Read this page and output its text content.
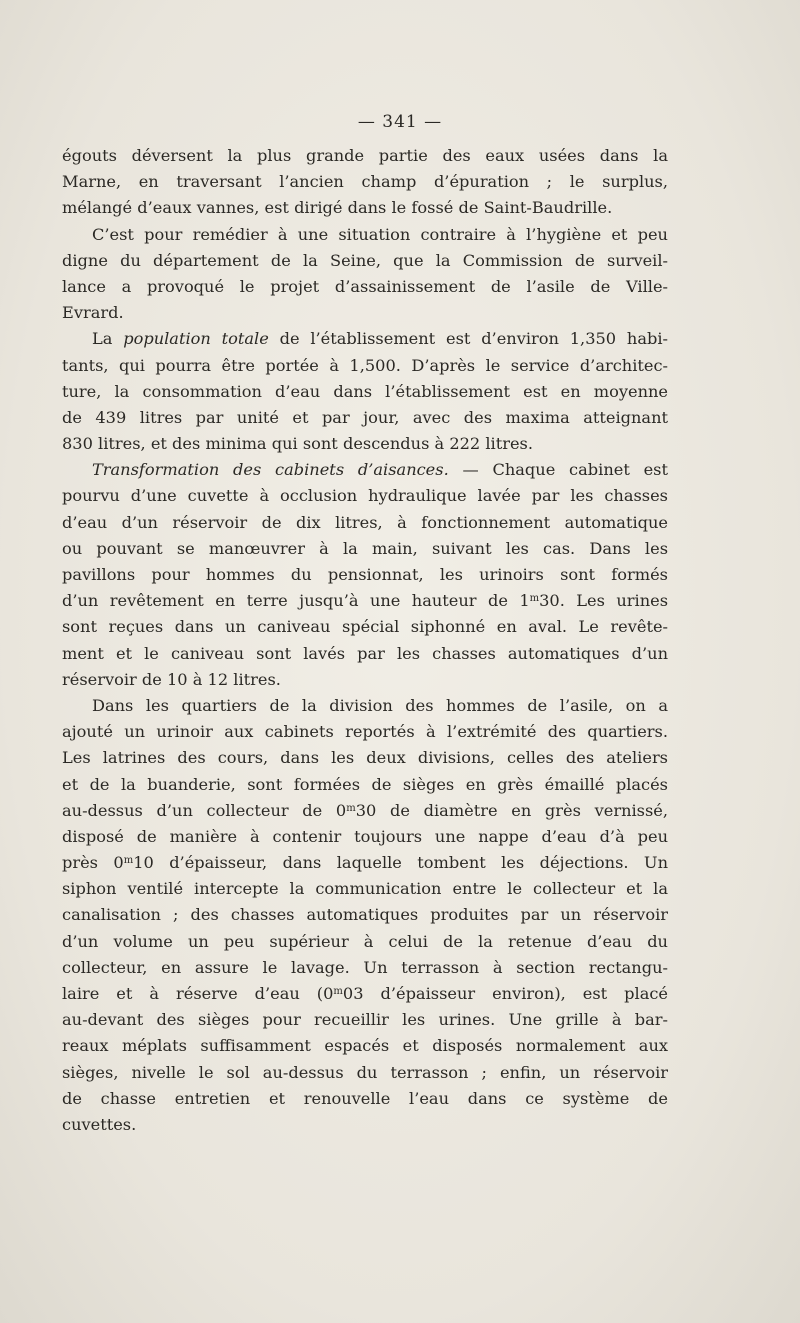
— 341 —
égouts déversent la plus grande partie des eaux usées dans la
Marne, en traversant l’ancien champ d’épuration ; le surplus,
mélangé d’eaux vannes, est dirigé dans le fossé de Saint-Baudrille.
C’est pour remédier à une situation contraire à l’hygiène et peu
digne du département de la Seine, que la Commission de surveil-
lance a provoqué le projet d’assainissement de l’asile de Ville-
Evrard.
La population totale de l’établissement est d’environ 1,350 habi-
tants, qui pourra être portée à 1,500. D’après le service d’architec-
ture, la consommation d’eau dans l’établissement est en moyenne
de 439 litres par unité et par jour, avec des maxima atteignant
830 litres, et des minima qui sont descendus à 222 litres.
Transformation des cabinets d’aisances. — Chaque cabinet est
pourvu d’une cuvette à occlusion hydraulique lavée par les chasses
d’eau d’un réservoir de dix litres, à fonctionnement automatique
ou pouvant se manœuvrer à la main, suivant les cas. Dans les
pavillons pour hommes du pensionnat, les urinoirs sont formés
d’un revêtement en terre jusqu’à une hauteur de 1$^m$30. Les urines
sont reçues dans un caniveau spécial siphonné en aval. Le revête-
ment et le caniveau sont lavés par les chasses automatiques d’un
réservoir de 10 à 12 litres.
Dans les quartiers de la division des hommes de l’asile, on a
ajouté un urinoir aux cabinets reportés à l’extrémité des quartiers.
Les latrines des cours, dans les deux divisions, celles des ateliers
et de la buanderie, sont formées de sièges en grès émaillé placés
au-dessus d’un collecteur de 0$^m$30 de diamètre en grès vernissé,
disposé de manière à contenir toujours une nappe d’eau d’à peu
près 0$^m$10 d’épaisseur, dans laquelle tombent les déjections. Un
siphon ventilé intercepte la communication entre le collecteur et la
canalisation ; des chasses automatiques produites par un réservoir
d’un volume un peu supérieur à celui de la retenue d’eau du
collecteur, en assure le lavage. Un terrasson à section rectangu-
laire et à réserve d’eau (0$^m$03 d’épaisseur environ), est placé
au-devant des sièges pour recueillir les urines. Une grille à bar-
reaux méplats suffisamment espacés et disposés normalement aux
sièges, nivelle le sol au-dessus du terrasson ; enfin, un réservoir
de chasse entretien et renouvelle l’eau dans ce système de
cuvettes.
